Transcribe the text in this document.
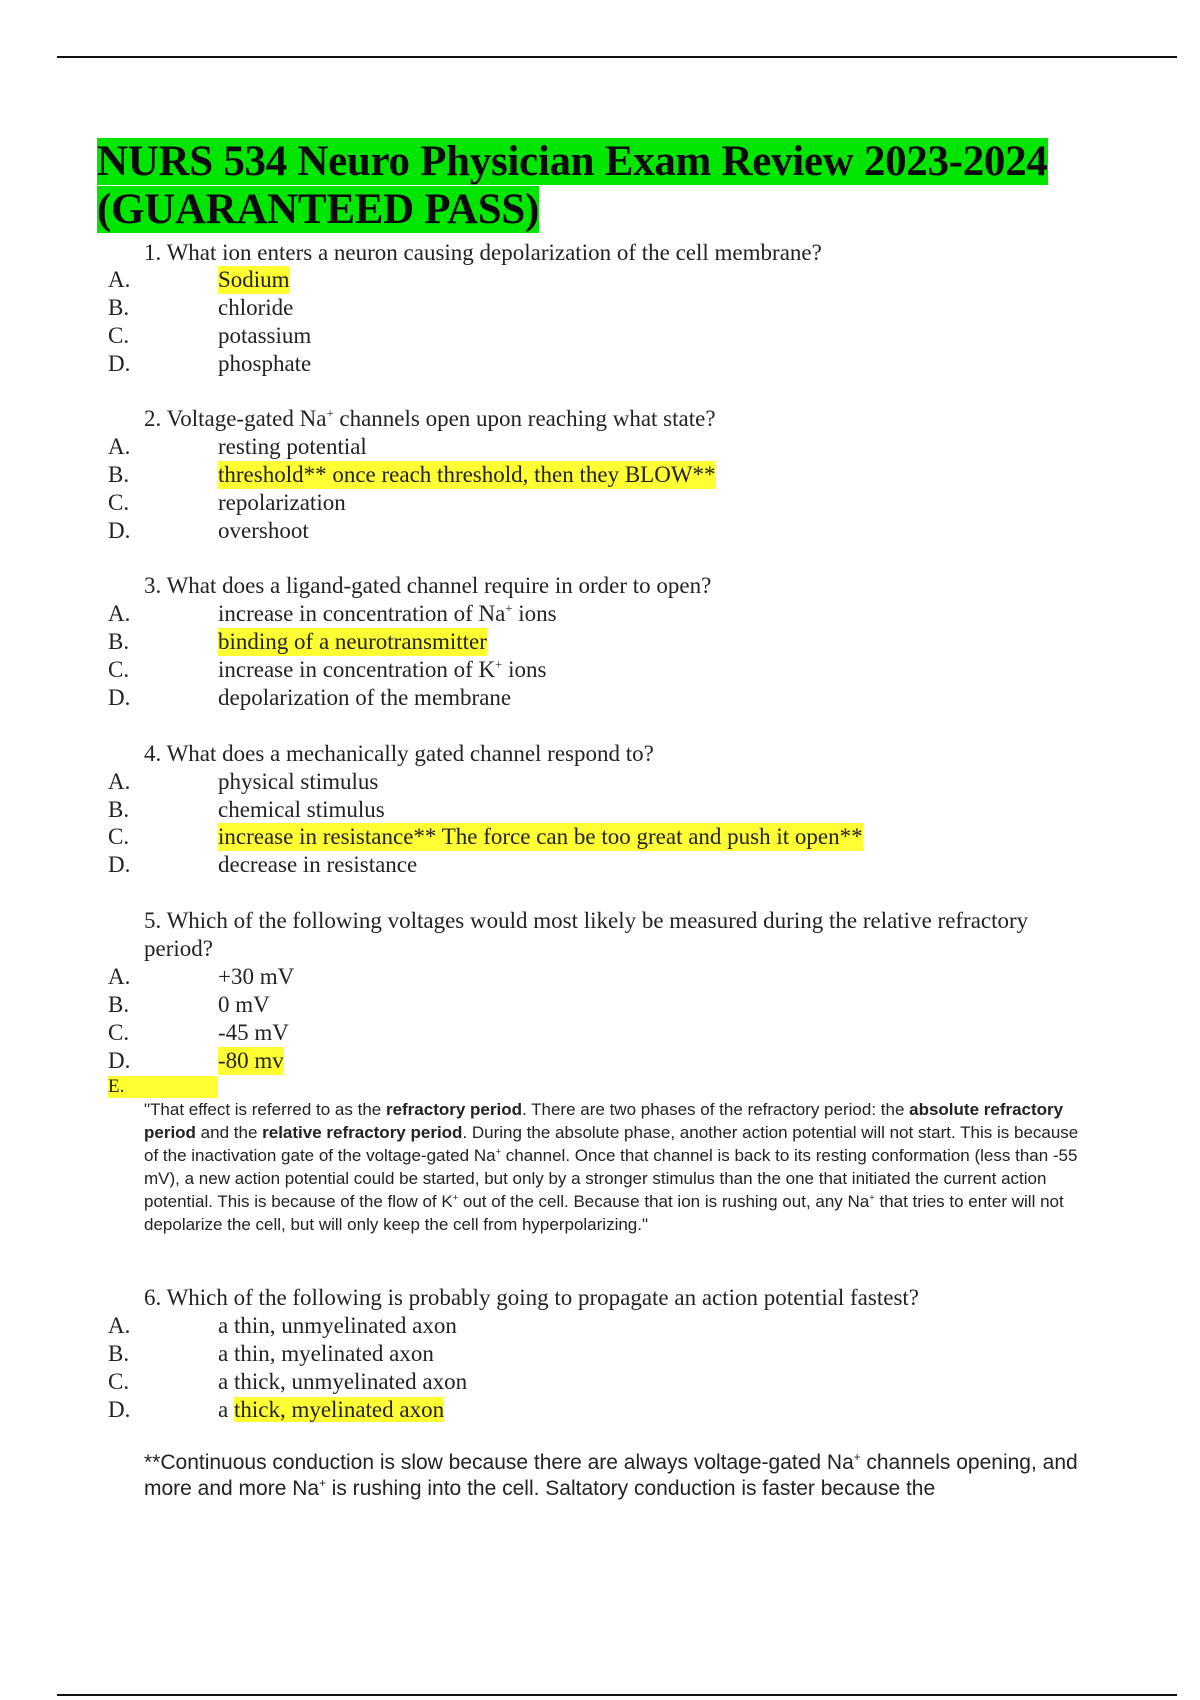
NURS 534 Neuro Physician Exam Review 2023-2024
(GUARANTEED PASS)

1. What ion enters a neuron causing depolarization of the cell membrane?

A.	Sodium
B.	chloride
C.	potassium
D.	phosphate

2. Voltage-gated Na+ channels open upon reaching what state?

A.	resting potential
B.	threshold** once reach threshold, then they BLOW**
C.	repolarization
D.	overshoot

3. What does a ligand-gated channel require in order to open?

A.	increase in concentration of Na+ ions
B.	binding of a neurotransmitter
C.	increase in concentration of K+ ions
D.	depolarization of the membrane

4. What does a mechanically gated channel respond to?

A.	physical stimulus
B.	chemical stimulus
C.	increase in resistance** The force can be too great and push it open**
D.	decrease in resistance

5. Which of the following voltages would most likely be measured during the relative refractory period?

A.	+30 mV
B.	0 mV
C.	-45 mV
D.	-80 mv
E.

"That effect is referred to as the refractory period. There are two phases of the refractory period: the absolute refractory period and the relative refractory period. During the absolute phase, another action potential will not start. This is because of the inactivation gate of the voltage-gated Na+ channel. Once that channel is back to its resting conformation (less than -55 mV), a new action potential could be started, but only by a stronger stimulus than the one that initiated the current action potential. This is because of the flow of K+ out of the cell. Because that ion is rushing out, any Na+ that tries to enter will not depolarize the cell, but will only keep the cell from hyperpolarizing."

6. Which of the following is probably going to propagate an action potential fastest?

A.	a thin, unmyelinated axon
B.	a thin, myelinated axon
C.	a thick, unmyelinated axon
D.	a thick, myelinated axon

**Continuous conduction is slow because there are always voltage-gated Na+ channels opening, and more and more Na+ is rushing into the cell. Saltatory conduction is faster because the
